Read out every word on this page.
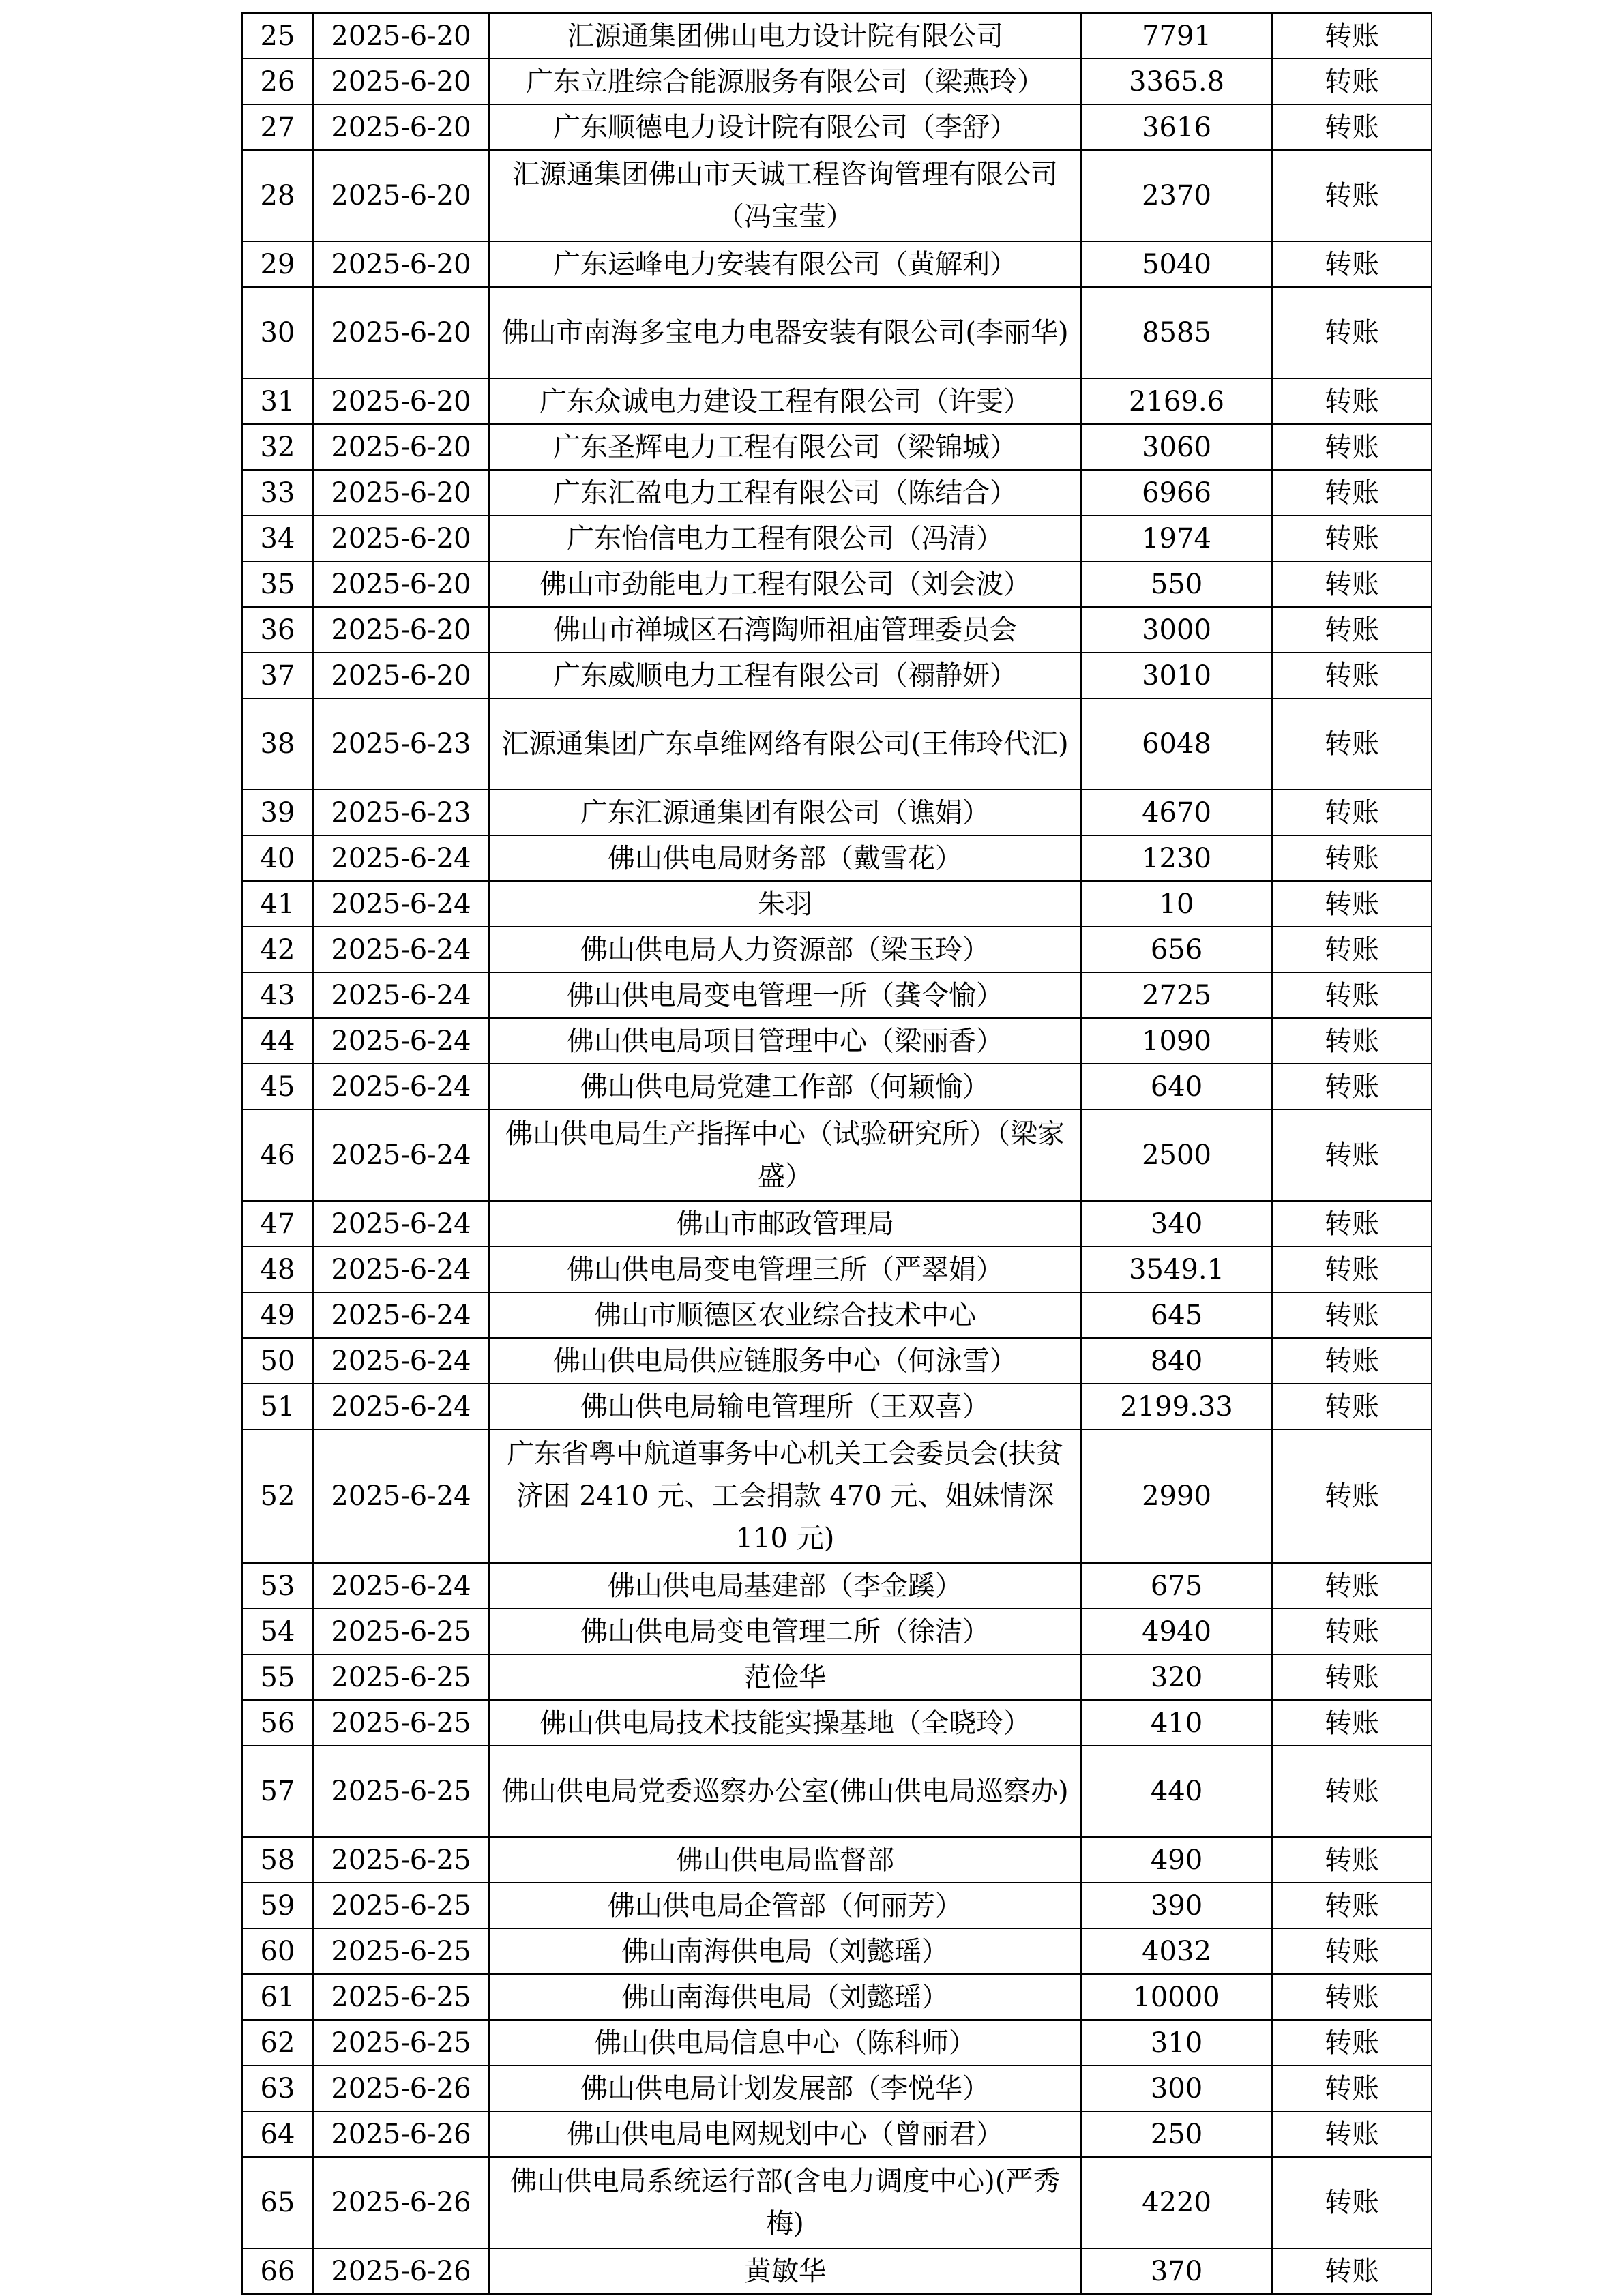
25	2025-6-20	汇源通集团佛山电力设计院有限公司	7791	转账
26	2025-6-20	广东立胜综合能源服务有限公司（梁燕玲）	3365.8	转账
27	2025-6-20	广东顺德电力设计院有限公司（李舒）	3616	转账
28	2025-6-20	汇源通集团佛山市天诚工程咨询管理有限公司（冯宝莹）	2370	转账
29	2025-6-20	广东运峰电力安装有限公司（黄解利）	5040	转账
30	2025-6-20	佛山市南海多宝电力电器安装有限公司(李丽华)	8585	转账
31	2025-6-20	广东众诚电力建设工程有限公司（许雯）	2169.6	转账
32	2025-6-20	广东圣辉电力工程有限公司（梁锦城）	3060	转账
33	2025-6-20	广东汇盈电力工程有限公司（陈结合）	6966	转账
34	2025-6-20	广东怡信电力工程有限公司（冯清）	1974	转账
35	2025-6-20	佛山市劲能电力工程有限公司（刘会波）	550	转账
36	2025-6-20	佛山市禅城区石湾陶师祖庙管理委员会	3000	转账
37	2025-6-20	广东威顺电力工程有限公司（禤静妍）	3010	转账
38	2025-6-23	汇源通集团广东卓维网络有限公司(王伟玲代汇)	6048	转账
39	2025-6-23	广东汇源通集团有限公司（谯娟）	4670	转账
40	2025-6-24	佛山供电局财务部（戴雪花）	1230	转账
41	2025-6-24	朱羽	10	转账
42	2025-6-24	佛山供电局人力资源部（梁玉玲）	656	转账
43	2025-6-24	佛山供电局变电管理一所（龚令愉）	2725	转账
44	2025-6-24	佛山供电局项目管理中心（梁丽香）	1090	转账
45	2025-6-24	佛山供电局党建工作部（何颖愉）	640	转账
46	2025-6-24	佛山供电局生产指挥中心（试验研究所）（梁家盛）	2500	转账
47	2025-6-24	佛山市邮政管理局	340	转账
48	2025-6-24	佛山供电局变电管理三所（严翠娟）	3549.1	转账
49	2025-6-24	佛山市顺德区农业综合技术中心	645	转账
50	2025-6-24	佛山供电局供应链服务中心（何泳雪）	840	转账
51	2025-6-24	佛山供电局输电管理所（王双喜）	2199.33	转账
52	2025-6-24	广东省粤中航道事务中心机关工会委员会(扶贫济困 2410 元、工会捐款 470 元、姐妹情深 110 元)	2990	转账
53	2025-6-24	佛山供电局基建部（李金蹊）	675	转账
54	2025-6-25	佛山供电局变电管理二所（徐洁）	4940	转账
55	2025-6-25	范俭华	320	转账
56	2025-6-25	佛山供电局技术技能实操基地（全晓玲）	410	转账
57	2025-6-25	佛山供电局党委巡察办公室(佛山供电局巡察办)	440	转账
58	2025-6-25	佛山供电局监督部	490	转账
59	2025-6-25	佛山供电局企管部（何丽芳）	390	转账
60	2025-6-25	佛山南海供电局（刘懿瑶）	4032	转账
61	2025-6-25	佛山南海供电局（刘懿瑶）	10000	转账
62	2025-6-25	佛山供电局信息中心（陈科师）	310	转账
63	2025-6-26	佛山供电局计划发展部（李悦华）	300	转账
64	2025-6-26	佛山供电局电网规划中心（曾丽君）	250	转账
65	2025-6-26	佛山供电局系统运行部(含电力调度中心)(严秀梅)	4220	转账
66	2025-6-26	黄敏华	370	转账
